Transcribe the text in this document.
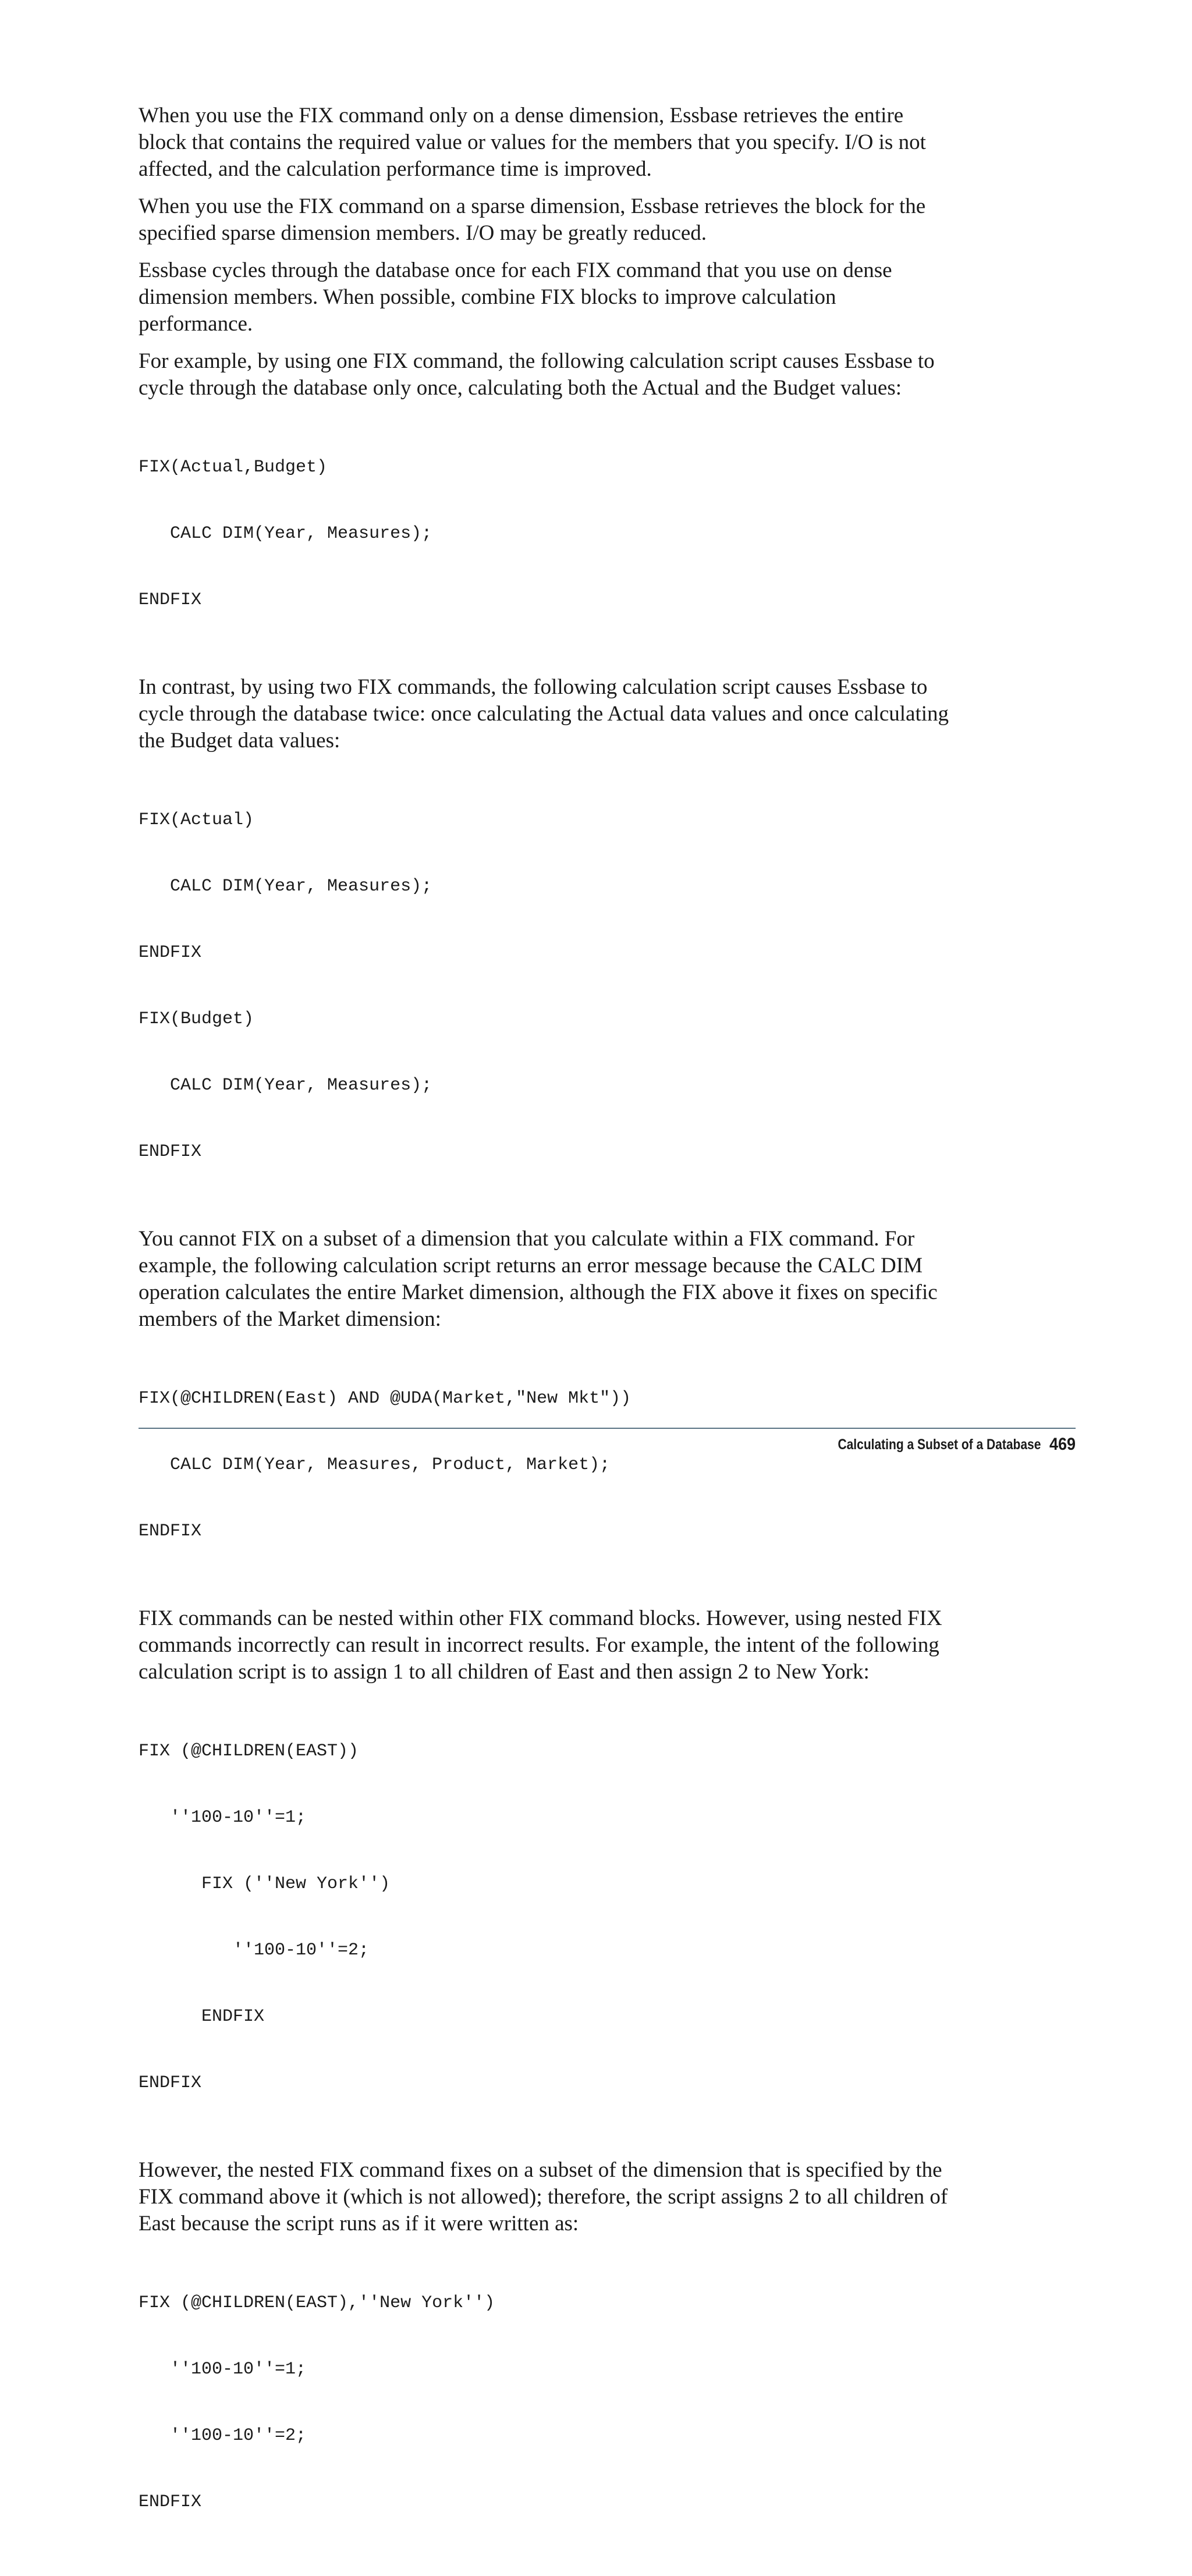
When you use the FIX command only on a dense dimension, Essbase retrieves the entire block that contains the required value or values for the members that you specify. I/O is not affected, and the calculation performance time is improved.

When you use the FIX command on a sparse dimension, Essbase retrieves the block for the specified sparse dimension members. I/O may be greatly reduced.

Essbase cycles through the database once for each FIX command that you use on dense dimension members. When possible, combine FIX blocks to improve calculation performance.

For example, by using one FIX command, the following calculation script causes Essbase to cycle through the database only once, calculating both the Actual and the Budget values:

FIX(Actual,Budget)

CALC DIM(Year, Measures);

ENDFIX

In contrast, by using two FIX commands, the following calculation script causes Essbase to cycle through the database twice: once calculating the Actual data values and once calculating the Budget data values:

FIX(Actual)

CALC DIM(Year, Measures);

ENDFIX

FIX(Budget)

CALC DIM(Year, Measures);

ENDFIX

You cannot FIX on a subset of a dimension that you calculate within a FIX command. For example, the following calculation script returns an error message because the CALC DIM operation calculates the entire Market dimension, although the FIX above it fixes on specific members of the Market dimension:

FIX(@CHILDREN(East) AND @UDA(Market,"New Mkt"))

CALC DIM(Year, Measures, Product, Market);

ENDFIX

FIX commands can be nested within other FIX command blocks. However, using nested FIX commands incorrectly can result in incorrect results. For example, the intent of the following calculation script is to assign 1 to all children of East and then assign 2 to New York:

FIX (@CHILDREN(EAST))

''100-10''=1;

FIX (''New York'')

''100-10''=2;

ENDFIX

ENDFIX

However, the nested FIX command fixes on a subset of the dimension that is specified by the FIX command above it (which is not allowed); therefore, the script assigns 2 to all children of East because the script runs as if it were written as:

FIX (@CHILDREN(EAST),''New York'')

''100-10''=1;

''100-10''=2;

ENDFIX

Calculating a Subset of a Database 469
